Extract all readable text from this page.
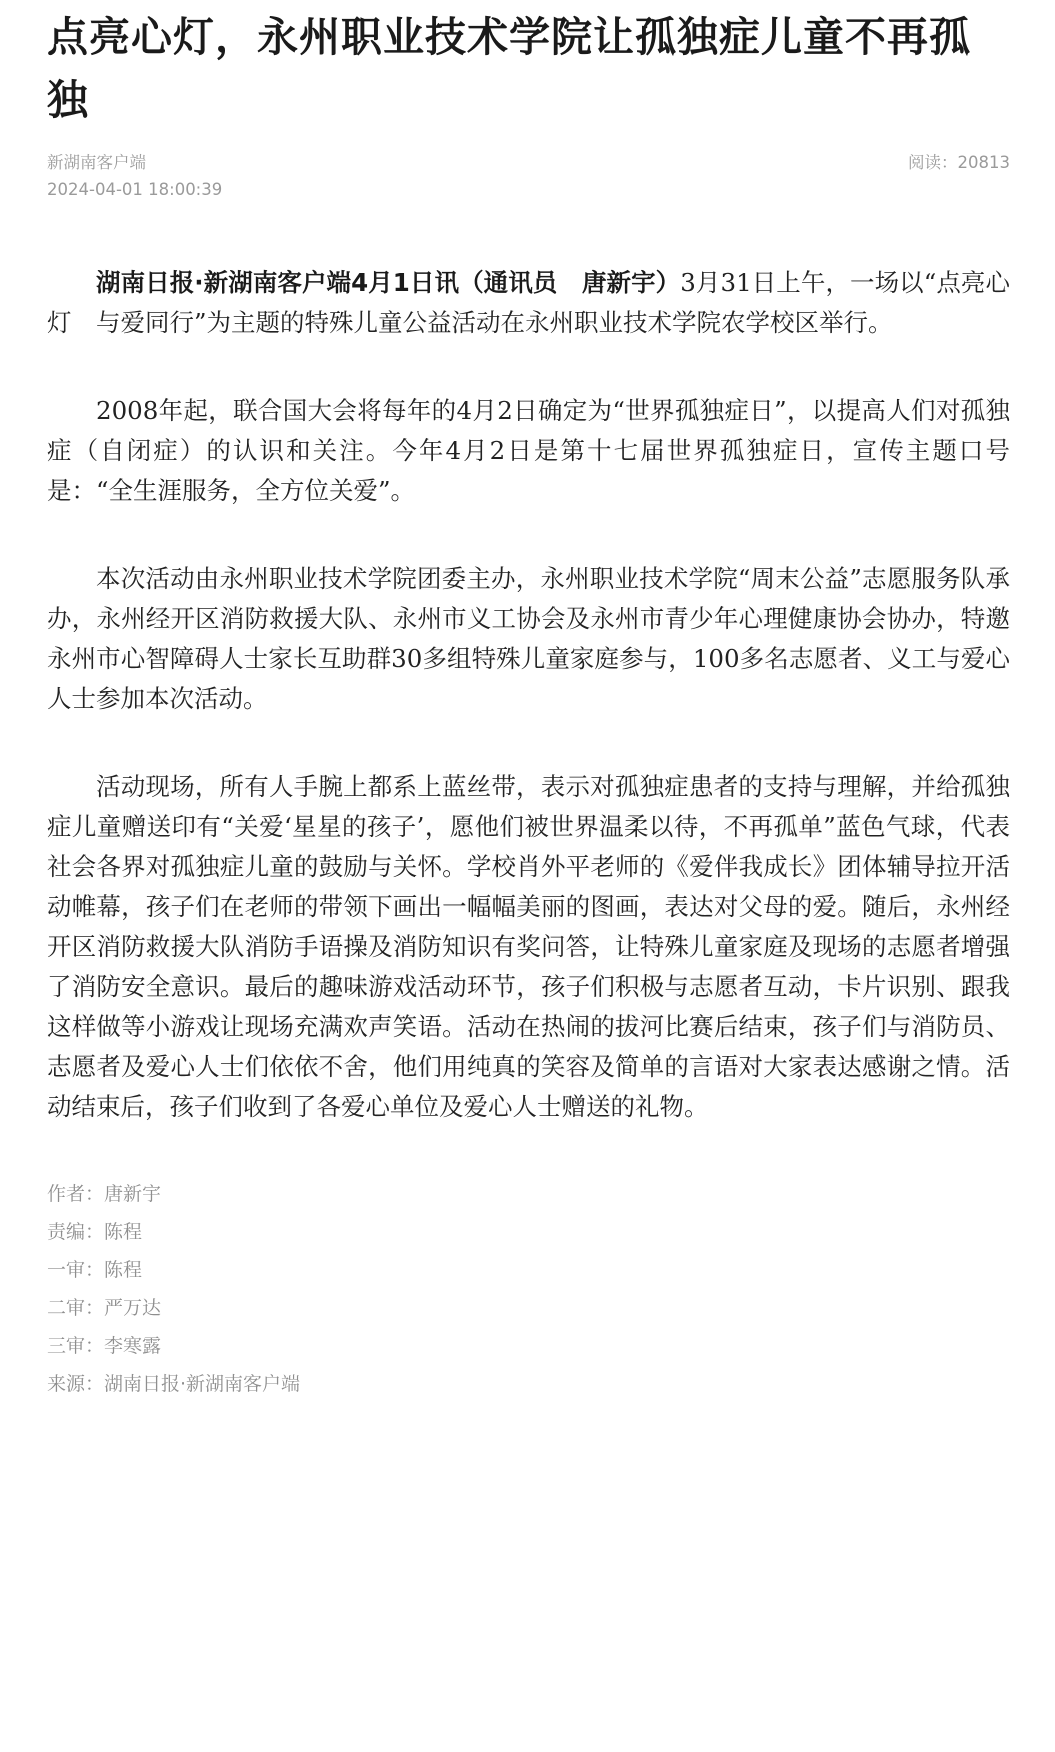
点亮心灯，永州职业技术学院让孤独症儿童不再孤独
新湖南客户端
2024-04-01 18:00:39
阅读：20813

湖南日报·新湖南客户端4月1日讯（通讯员　唐新宇）3月31日上午，一场以“点亮心灯　与爱同行”为主题的特殊儿童公益活动在永州职业技术学院农学校区举行。

2008年起，联合国大会将每年的4月2日确定为“世界孤独症日”，以提高人们对孤独症（自闭症）的认识和关注。今年4月2日是第十七届世界孤独症日，宣传主题口号是：“全生涯服务，全方位关爱”。

本次活动由永州职业技术学院团委主办，永州职业技术学院“周末公益”志愿服务队承办，永州经开区消防救援大队、永州市义工协会及永州市青少年心理健康协会协办，特邀永州市心智障碍人士家长互助群30多组特殊儿童家庭参与，100多名志愿者、义工与爱心人士参加本次活动。

活动现场，所有人手腕上都系上蓝丝带，表示对孤独症患者的支持与理解，并给孤独症儿童赠送印有“关爱‘星星的孩子’，愿他们被世界温柔以待，不再孤单”蓝色气球，代表社会各界对孤独症儿童的鼓励与关怀。学校肖外平老师的《爱伴我成长》团体辅导拉开活动帷幕，孩子们在老师的带领下画出一幅幅美丽的图画，表达对父母的爱。随后，永州经开区消防救援大队消防手语操及消防知识有奖问答，让特殊儿童家庭及现场的志愿者增强了消防安全意识。最后的趣味游戏活动环节，孩子们积极与志愿者互动，卡片识别、跟我这样做等小游戏让现场充满欢声笑语。活动在热闹的拔河比赛后结束，孩子们与消防员、志愿者及爱心人士们依依不舍，他们用纯真的笑容及简单的言语对大家表达感谢之情。活动结束后，孩子们收到了各爱心单位及爱心人士赠送的礼物。

作者：唐新宇
责编：陈程
一审：陈程
二审：严万达
三审：李寒露
来源：湖南日报·新湖南客户端
